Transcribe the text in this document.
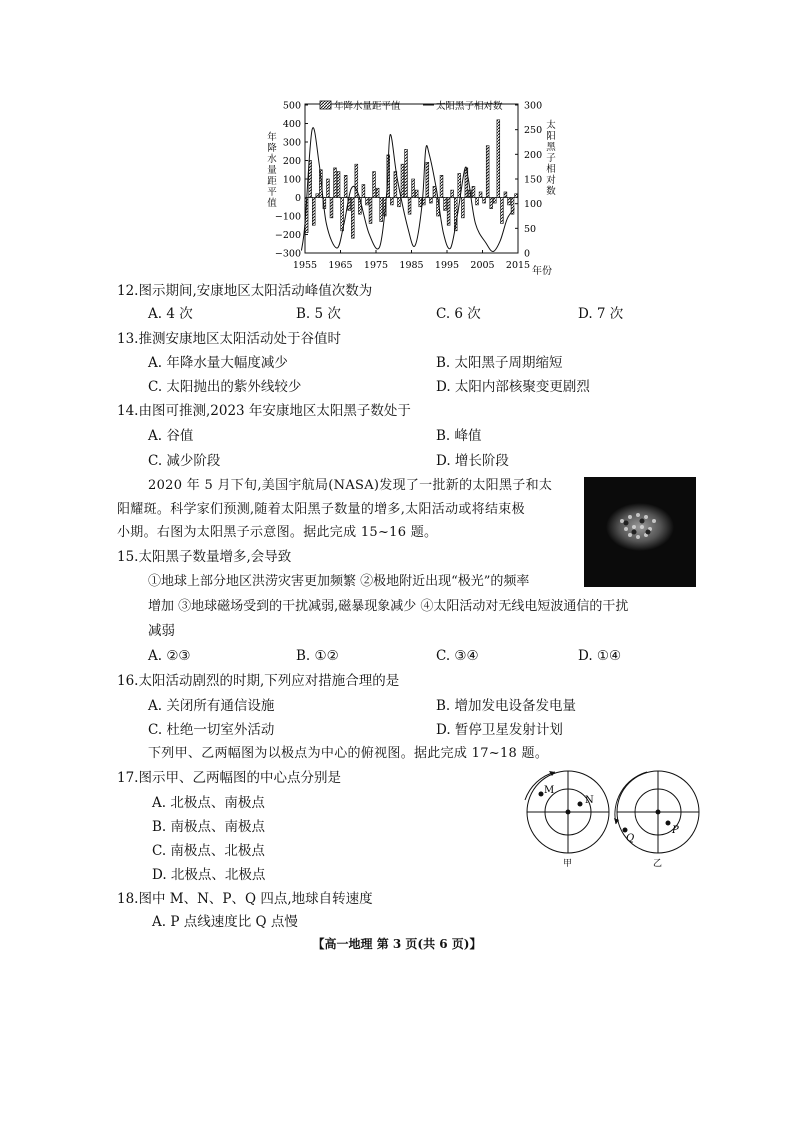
500
400
300
200
100
0
−100
−200
−300
300
250
200
150
100
50
0
1955 1965 1975 1985 1995 2005 2015
年降水量距平值	太阳黑子相对数
年
降
水
量
距
平
值
太
阳
黑
子
相
对
数
年份
12.图示期间,安康地区太阳活动峰值次数为
A. 4 次	B. 5 次	C. 6 次	D. 7 次
13.推测安康地区太阳活动处于谷值时
A. 年降水量大幅度减少	B. 太阳黑子周期缩短
C. 太阳抛出的紫外线较少	D. 太阳内部核聚变更剧烈
14.由图可推测,2023 年安康地区太阳黑子数处于
A. 谷值	B. 峰值
C. 减少阶段	D. 增长阶段
2020 年 5 月下旬,美国宇航局(NASA)发现了一批新的太阳黑子和太
阳耀斑。科学家们预测,随着太阳黑子数量的增多,太阳活动或将结束极
小期。右图为太阳黑子示意图。据此完成 15~16 题。
15.太阳黑子数量增多,会导致
①地球上部分地区洪涝灾害更加频繁 ②极地附近出现“极光”的频率
增加 ③地球磁场受到的干扰减弱,磁暴现象减少 ④太阳活动对无线电短波通信的干扰
减弱
A. ②③	B. ①②	C. ③④	D. ①④
16.太阳活动剧烈的时期,下列应对措施合理的是
A. 关闭所有通信设施	B. 增加发电设备发电量
C. 杜绝一切室外活动	D. 暂停卫星发射计划
下列甲、乙两幅图为以极点为中心的俯视图。据此完成 17~18 题。
17.图示甲、乙两幅图的中心点分别是
A. 北极点、南极点
B. 南极点、南极点
C. 南极点、北极点
D. 北极点、北极点
18.图中 M、N、P、Q 四点,地球自转速度
A. P 点线速度比 Q 点慢
M
N
甲
Q
P
乙
【高一地理 第 3 页(共 6 页)】
